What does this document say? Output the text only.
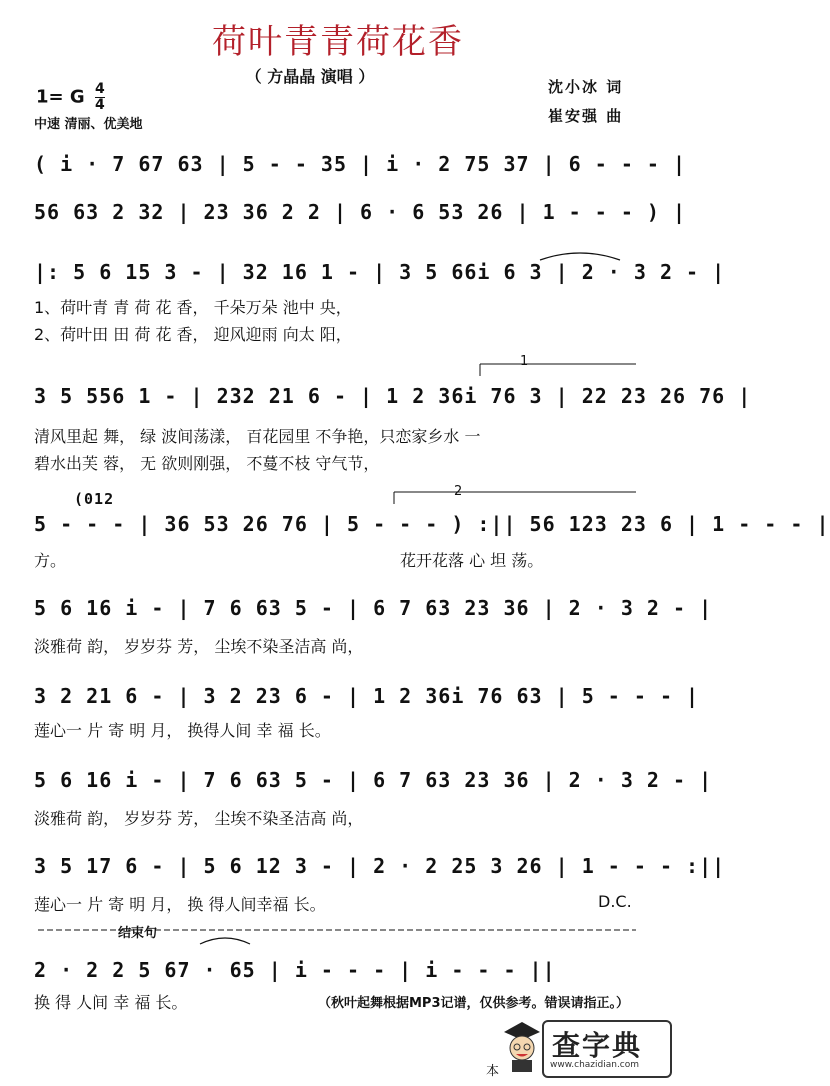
荷叶青青荷花香
（ 方晶晶 演唱 ）
1= G $\frac{4}{4}$
中速 清丽、优美地
沈小冰 词
崔安强 曲
( i · 7 67 63 | 5 - - 35 | i · 2 75 37 | 6 - - - |
56 63 2 32 | 23 36 2 2 | 6 · 6 53 26 | 1 - - - ) |
|: 5 6 15 3 - | 32 16 1 - | 3 5 66i 6 3 | 2 · 3 2 - |
1、荷叶青 青 荷 花 香， 千朵万朵 池中 央，
2、荷叶田 田 荷 花 香， 迎风迎雨 向太 阳，
1
3 5 556 1 - | 232 21 6 - | 1 2 36i 76 3 | 22 23 26 76 |
清风里起 舞， 绿 波间荡漾， 百花园里 不争艳，只恋家乡水 一
碧水出芙 蓉， 无 欲则刚强， 不蔓不枝 守气节，
2
(012
5 - - - | 36 53 26 76 | 5 - - - ) :|| 56 123 23 6 | 1 - - - |
方。	花开花落 心 坦 荡。
5 6 16 i - | 7 6 63 5 - | 6 7 63 23 36 | 2 · 3 2 - |
淡雅荷 韵， 岁岁芬 芳， 尘埃不染圣洁高 尚，
3 2 21 6 - | 3 2 23 6 - | 1 2 36i 76 63 | 5 - - - |
莲心一 片 寄 明 月， 换得人间 幸 福 长。
5 6 16 i - | 7 6 63 5 - | 6 7 63 23 36 | 2 · 3 2 - |
淡雅荷 韵， 岁岁芬 芳， 尘埃不染圣洁高 尚，
3 5 17 6 - | 5 6 12 3 - | 2 · 2 25 3 26 | 1 - - - :||
莲心一 片 寄 明 月， 换 得人间幸福 长。	D.C.
结束句
2 · 2 2 5 67 · 65 | i - - - | i - - - ||
换 得 人间 幸 福 长。	（秋叶起舞根据MP3记谱，仅供参考。错误请指正。）
本
查字典
www.chazidian.com
